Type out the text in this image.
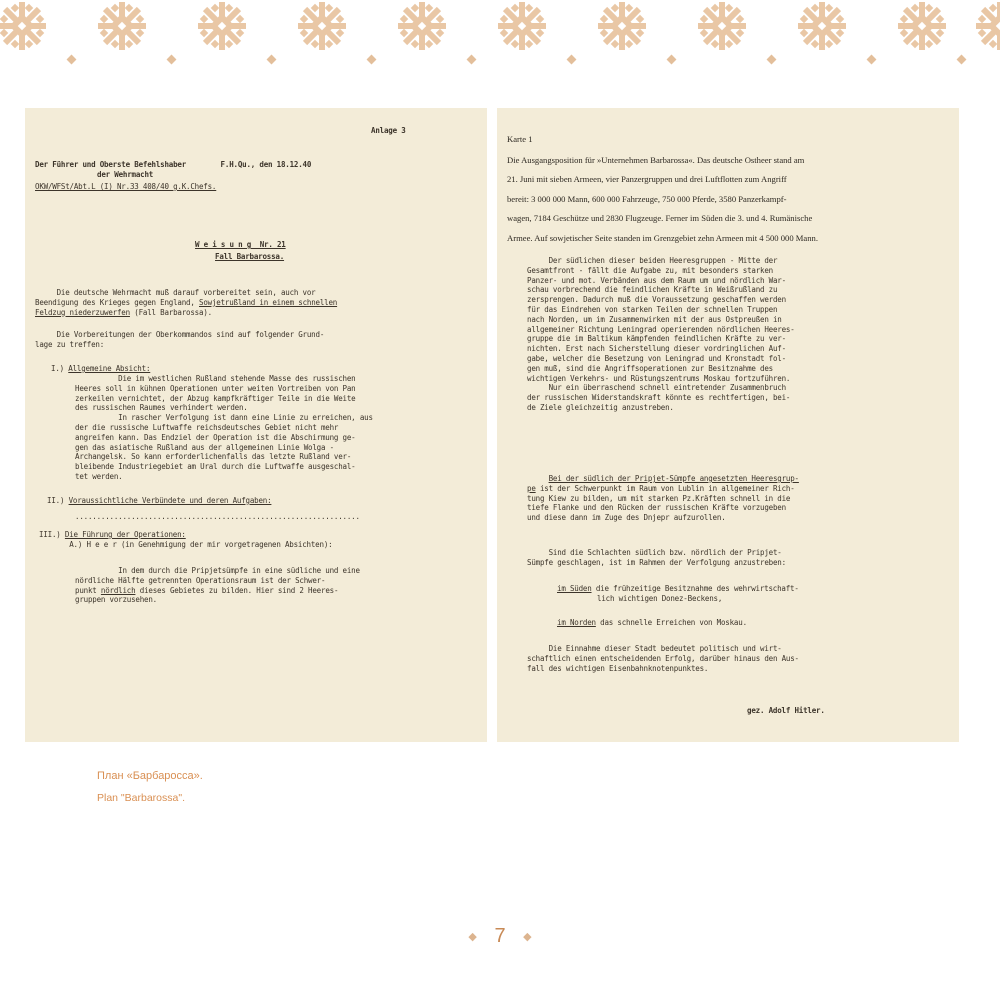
Anlage 3
Der Führer und Oberste Befehlshaber        F.H.Qu., den 18.12.40
der Wehrmacht
OKW/WFSt/Abt.L (I) Nr.33 408/40 g.K.Chefs.
W e i s u n g  Nr. 21
Fall Barbarossa.

Die deutsche Wehrmacht muß darauf vorbereitet sein, auch vor

Beendigung des Krieges gegen England, Sowjetrußland in einem schnellen

Feldzug niederzuwerfen (Fall Barbarossa).

Die Vorbereitungen der Oberkommandos sind auf folgender Grund-

lage zu treffen:

I.) Allgemeine Absicht:

Die im westlichen Rußland stehende Masse des russischen

Heeres soll in kühnen Operationen unter weiten Vortreiben von Pan

zerkeilen vernichtet, der Abzug kampfkräftiger Teile in die Weite

des russischen Raumes verhindert werden.

In rascher Verfolgung ist dann eine Linie zu erreichen, aus

der die russische Luftwaffe reichsdeutsches Gebiet nicht mehr

angreifen kann. Das Endziel der Operation ist die Abschirmung ge-

gen das asiatische Rußland aus der allgemeinen Linie Wolga -

Archangelsk. So kann erforderlichenfalls das letzte Rußland ver-

bleibende Industriegebiet am Ural durch die Luftwaffe ausgeschal-

tet werden.

II.) Voraussichtliche Verbündete und deren Aufgaben:
..................................................................
III.) Die Führung der Operationen:
A.) H e e r (in Genehmigung der mir vorgetragenen Absichten):

In dem durch die Pripjetsümpfe in eine südliche und eine

nördliche Hälfte getrennten Operationsraum ist der Schwer-

punkt nördlich dieses Gebietes zu bilden. Hier sind 2 Heeres-

gruppen vorzusehen.

Karte 1

Die Ausgangsposition für »Unternehmen Barbarossa«. Das deutsche Ostheer stand am

21. Juni mit sieben Armeen, vier Panzergruppen und drei Luftflotten zum Angriff

bereit: 3 000 000 Mann, 600 000 Fahrzeuge, 750 000 Pferde, 3580 Panzerkampf-

wagen, 7184 Geschütze und 2830 Flugzeuge. Ferner im Süden die 3. und 4. Rumänische

Armee. Auf sowjetischer Seite standen im Grenzgebiet zehn Armeen mit 4 500 000 Mann.

Der südlichen dieser beiden Heeresgruppen - Mitte der

Gesamtfront - fällt die Aufgabe zu, mit besonders starken

Panzer- und mot. Verbänden aus dem Raum um und nördlich War-

schau vorbrechend die feindlichen Kräfte in Weißrußland zu

zersprengen. Dadurch muß die Voraussetzung geschaffen werden

für das Eindrehen von starken Teilen der schnellen Truppen

nach Norden, um im Zusammenwirken mit der aus Ostpreußen in

allgemeiner Richtung Leningrad operierenden nördlichen Heeres-

gruppe die im Baltikum kämpfenden feindlichen Kräfte zu ver-

nichten. Erst nach Sicherstellung dieser vordringlichen Auf-

gabe, welcher die Besetzung von Leningrad und Kronstadt fol-

gen muß, sind die Angriffsoperationen zur Besitznahme des

wichtigen Verkehrs- und Rüstungszentrums Moskau fortzuführen.

Nur ein überraschend schnell eintretender Zusammenbruch

der russischen Widerstandskraft könnte es rechtfertigen, bei-

de Ziele gleichzeitig anzustreben.

Bei der südlich der Pripjet-Sümpfe angesetzten Heeresgrup-

pe ist der Schwerpunkt im Raum von Lublin in allgemeiner Rich-

tung Kiew zu bilden, um mit starken Pz.Kräften schnell in die

tiefe Flanke und den Rücken der russischen Kräfte vorzugeben

und diese dann im Zuge des Dnjepr aufzurollen.

Sind die Schlachten südlich bzw. nördlich der Pripjet-

Sümpfe geschlagen, ist im Rahmen der Verfolgung anzustreben:

im Süden die frühzeitige Besitznahme des wehrwirtschaft-

lich wichtigen Donez-Beckens,

im Norden das schnelle Erreichen von Moskau.

Die Einnahme dieser Stadt bedeutet politisch und wirt-

schaftlich einen entscheidenden Erfolg, darüber hinaus den Aus-

fall des wichtigen Eisenbahnknotenpunktes.

gez. Adolf Hitler.
План «Барбаросса».
Plan "Barbarossa".
◆ 7 ◆
